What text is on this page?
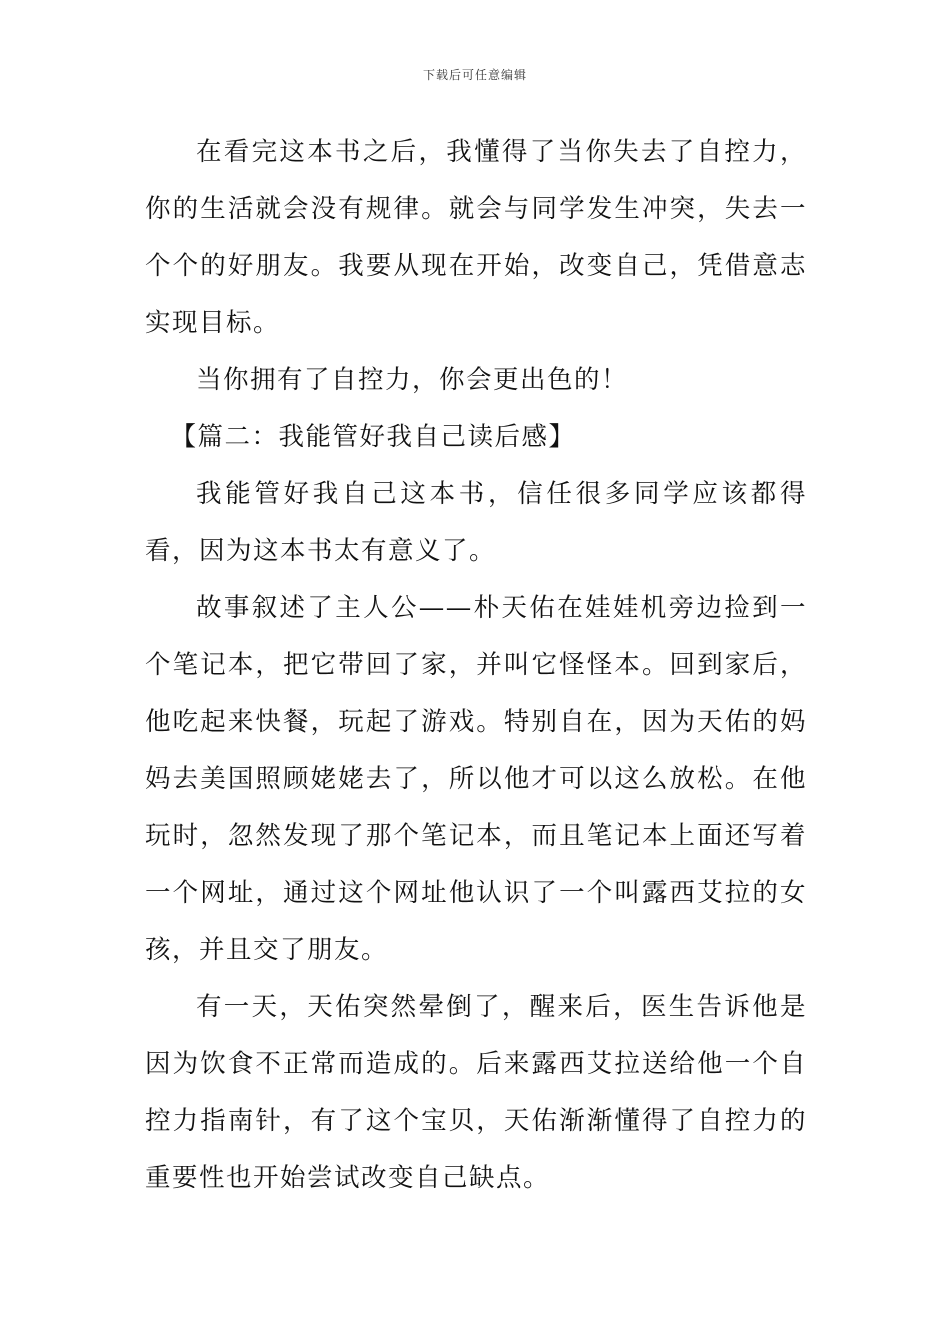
下载后可任意编辑

在看完这本书之后，我懂得了当你失去了自控力，你的生活就会没有规律。就会与同学发生冲突，失去一个个的好朋友。我要从现在开始，改变自己，凭借意志实现目标。

当你拥有了自控力，你会更出色的！

【篇二：我能管好我自己读后感】

我能管好我自己这本书，信任很多同学应该都得看，因为这本书太有意义了。

故事叙述了主人公——朴天佑在娃娃机旁边捡到一个笔记本，把它带回了家，并叫它怪怪本。回到家后，他吃起来快餐，玩起了游戏。特别自在，因为天佑的妈妈去美国照顾姥姥去了，所以他才可以这么放松。在他玩时，忽然发现了那个笔记本，而且笔记本上面还写着一个网址，通过这个网址他认识了一个叫露西艾拉的女孩，并且交了朋友。

有一天，天佑突然晕倒了，醒来后，医生告诉他是因为饮食不正常而造成的。后来露西艾拉送给他一个自控力指南针，有了这个宝贝，天佑渐渐懂得了自控力的重要性也开始尝试改变自己缺点。
